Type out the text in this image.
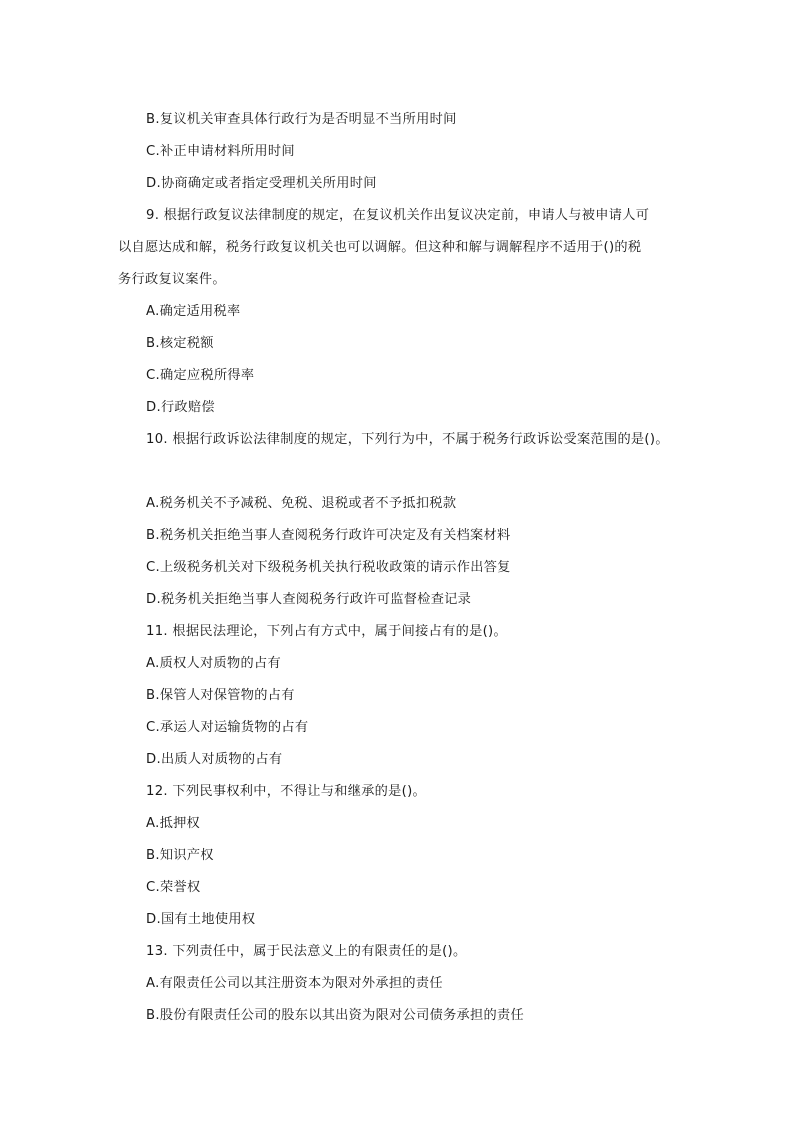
B.复议机关审查具体行政行为是否明显不当所用时间
C.补正申请材料所用时间
D.协商确定或者指定受理机关所用时间
9. 根据行政复议法律制度的规定，在复议机关作出复议决定前，申请人与被申请人可
以自愿达成和解，税务行政复议机关也可以调解。但这种和解与调解程序不适用于()的税
务行政复议案件。
A.确定适用税率
B.核定税额
C.确定应税所得率
D.行政赔偿
10. 根据行政诉讼法律制度的规定，下列行为中，不属于税务行政诉讼受案范围的是()。
A.税务机关不予减税、免税、退税或者不予抵扣税款
B.税务机关拒绝当事人查阅税务行政许可决定及有关档案材料
C.上级税务机关对下级税务机关执行税收政策的请示作出答复
D.税务机关拒绝当事人查阅税务行政许可监督检查记录
11. 根据民法理论，下列占有方式中，属于间接占有的是()。
A.质权人对质物的占有
B.保管人对保管物的占有
C.承运人对运输货物的占有
D.出质人对质物的占有
12. 下列民事权利中，不得让与和继承的是()。
A.抵押权
B.知识产权
C.荣誉权
D.国有土地使用权
13. 下列责任中，属于民法意义上的有限责任的是()。
A.有限责任公司以其注册资本为限对外承担的责任
B.股份有限责任公司的股东以其出资为限对公司债务承担的责任
